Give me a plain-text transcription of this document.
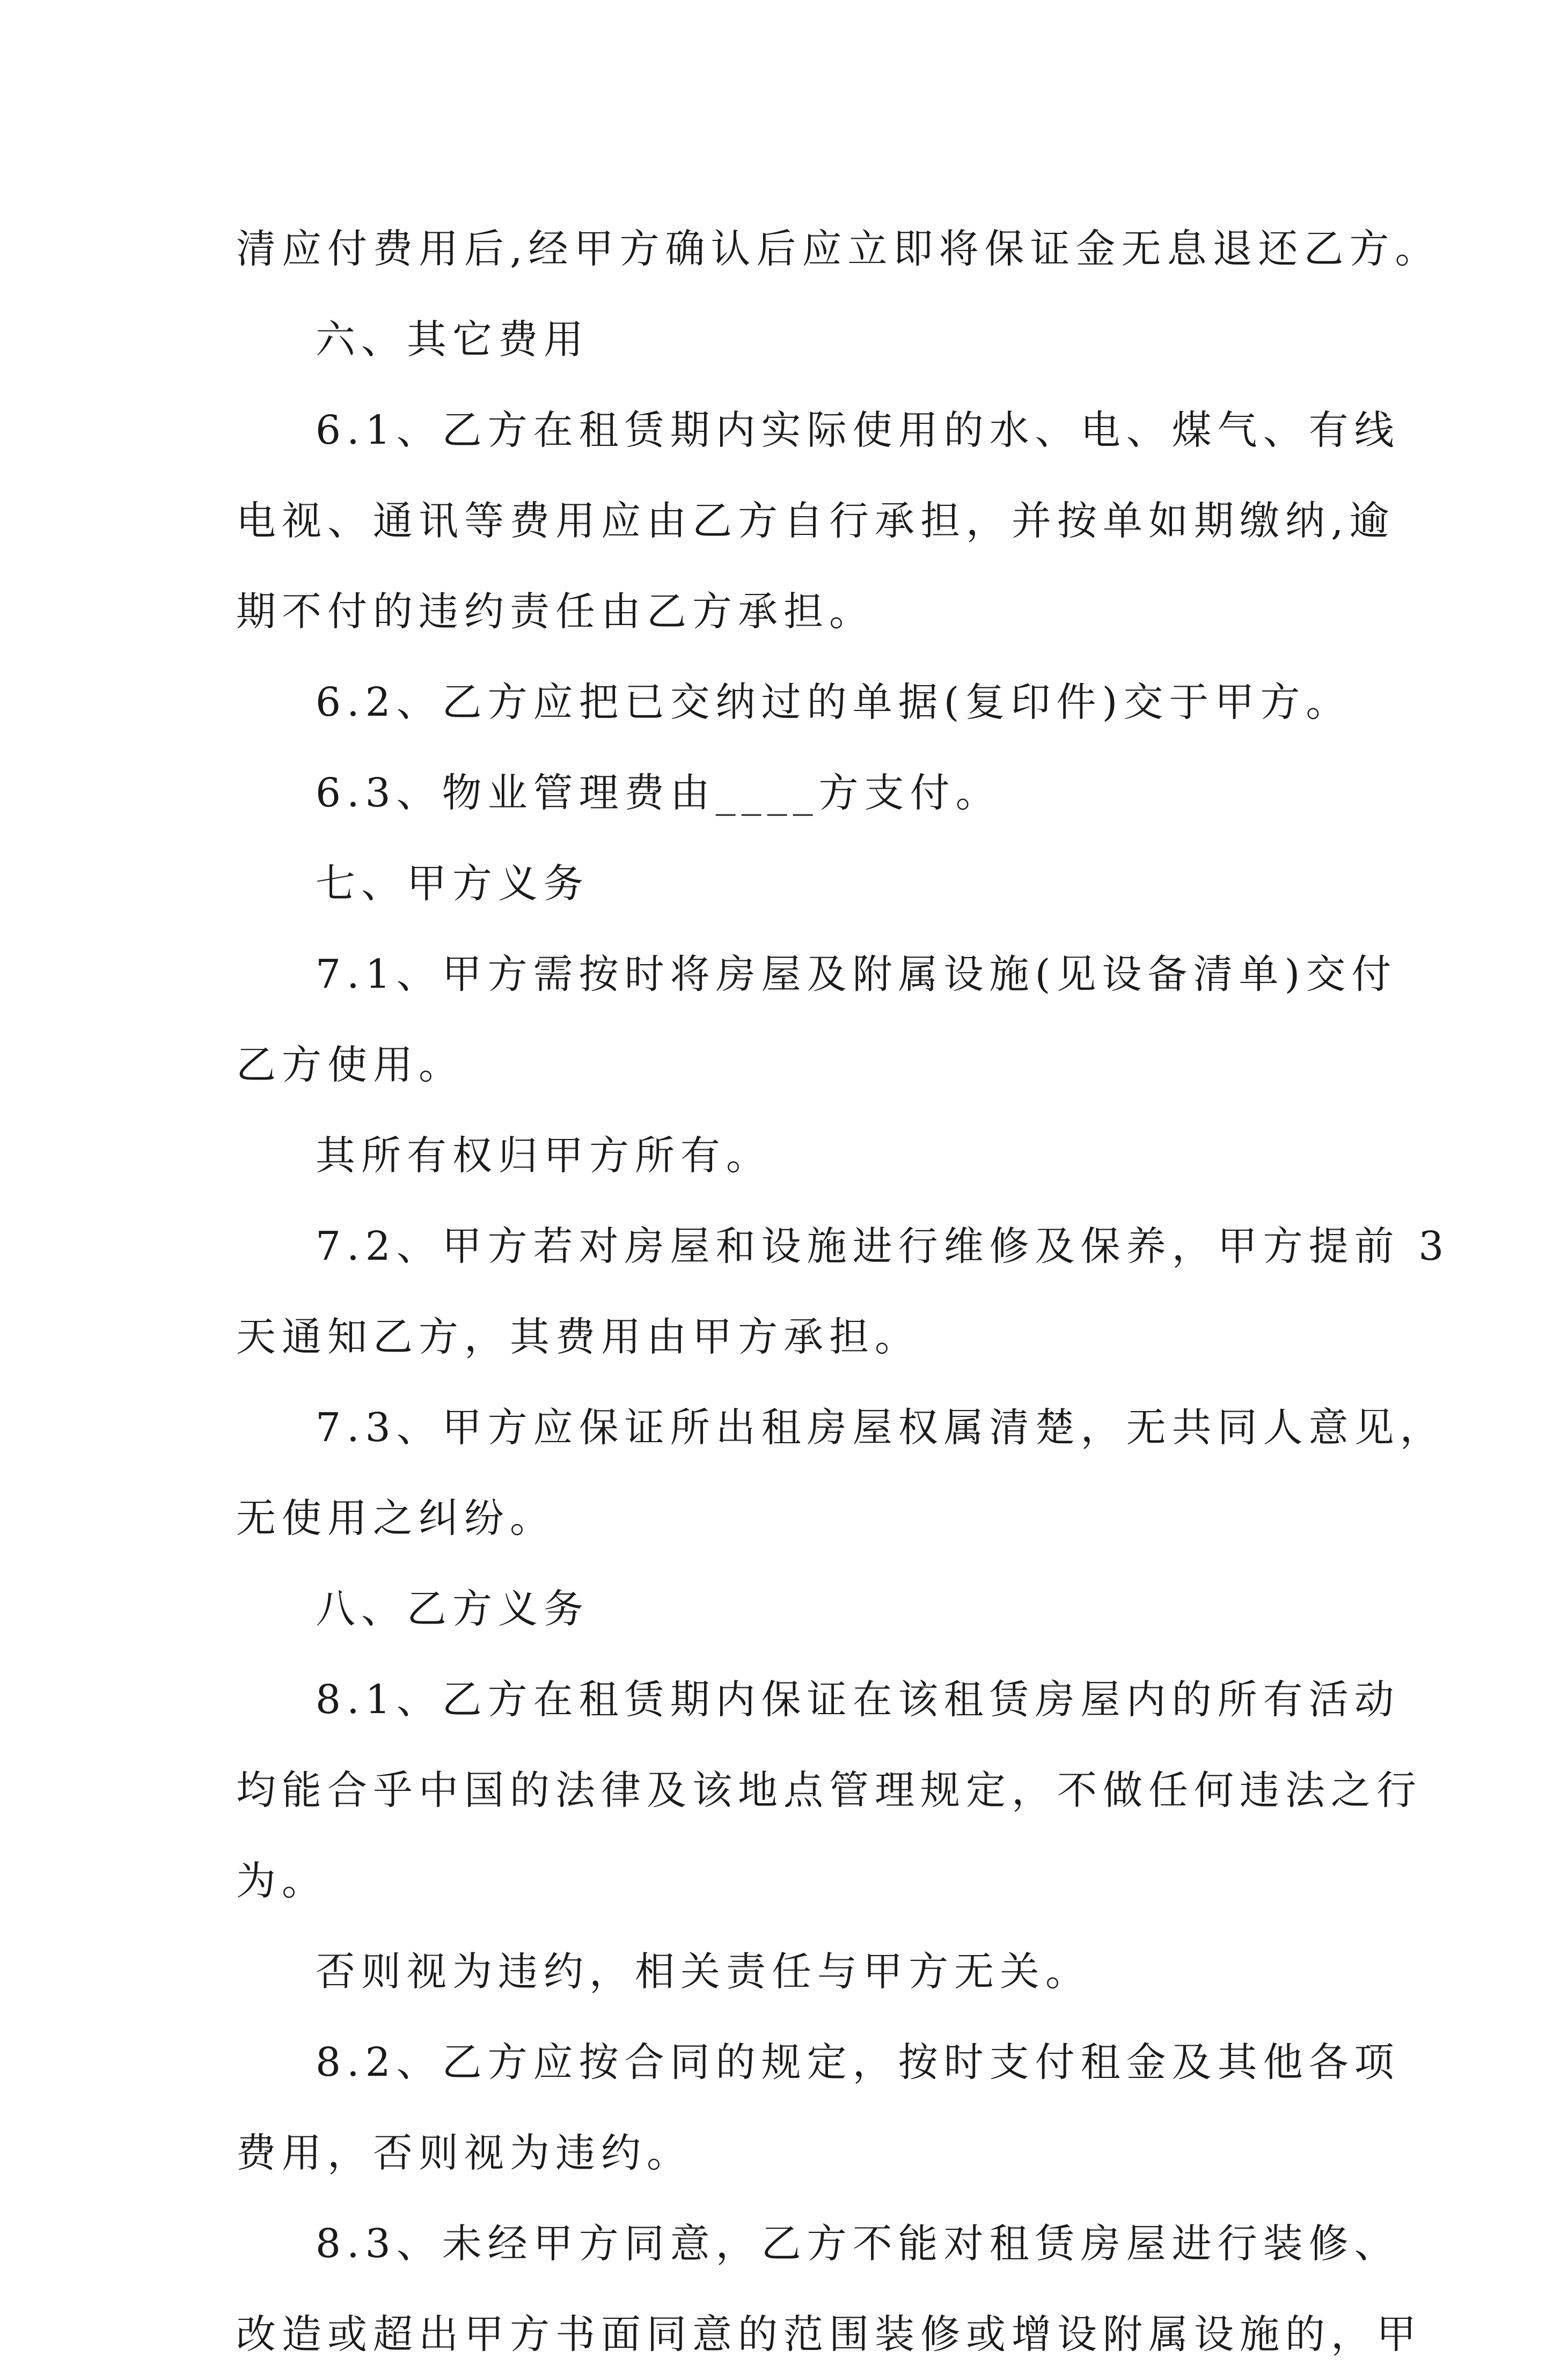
清应付费用后,经甲方确认后应立即将保证金无息退还乙方。
六、其它费用
6.1、乙方在租赁期内实际使用的水、电、煤气、有线
电视、通讯等费用应由乙方自行承担，并按单如期缴纳,逾
期不付的违约责任由乙方承担。
6.2、乙方应把已交纳过的单据(复印件)交于甲方。
6.3、物业管理费由____方支付。
七、甲方义务
7.1、甲方需按时将房屋及附属设施(见设备清单)交付
乙方使用。
其所有权归甲方所有。
7.2、甲方若对房屋和设施进行维修及保养，甲方提前 3
天通知乙方，其费用由甲方承担。
7.3、甲方应保证所出租房屋权属清楚，无共同人意见，
无使用之纠纷。
八、乙方义务
8.1、乙方在租赁期内保证在该租赁房屋内的所有活动
均能合乎中国的法律及该地点管理规定，不做任何违法之行
为。
否则视为违约，相关责任与甲方无关。
8.2、乙方应按合同的规定，按时支付租金及其他各项
费用，否则视为违约。
8.3、未经甲方同意，乙方不能对租赁房屋进行装修、
改造或超出甲方书面同意的范围装修或增设附属设施的，甲
